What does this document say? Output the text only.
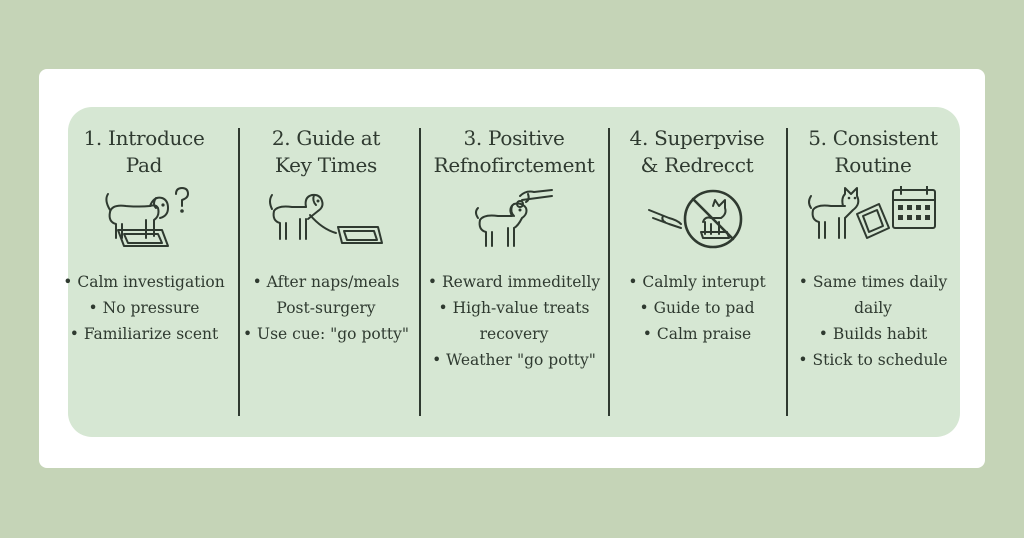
1. Introduce
Pad
• Calm investigation
• No pressure
• Familiarize scent
2. Guide at
Key Times
• After naps/meals
Post-surgery
• Use cue: "go potty"
3. Positive
Refnofirctement
• Reward immeditelly
• High-value treats
recovery
• Weather "go potty"
4. Superpvise
& Redrecct
• Calmly interupt
• Guide to pad
• Calm praise
5. Consistent
Routine
• Same times daily
daily
• Builds habit
• Stick to schedule
